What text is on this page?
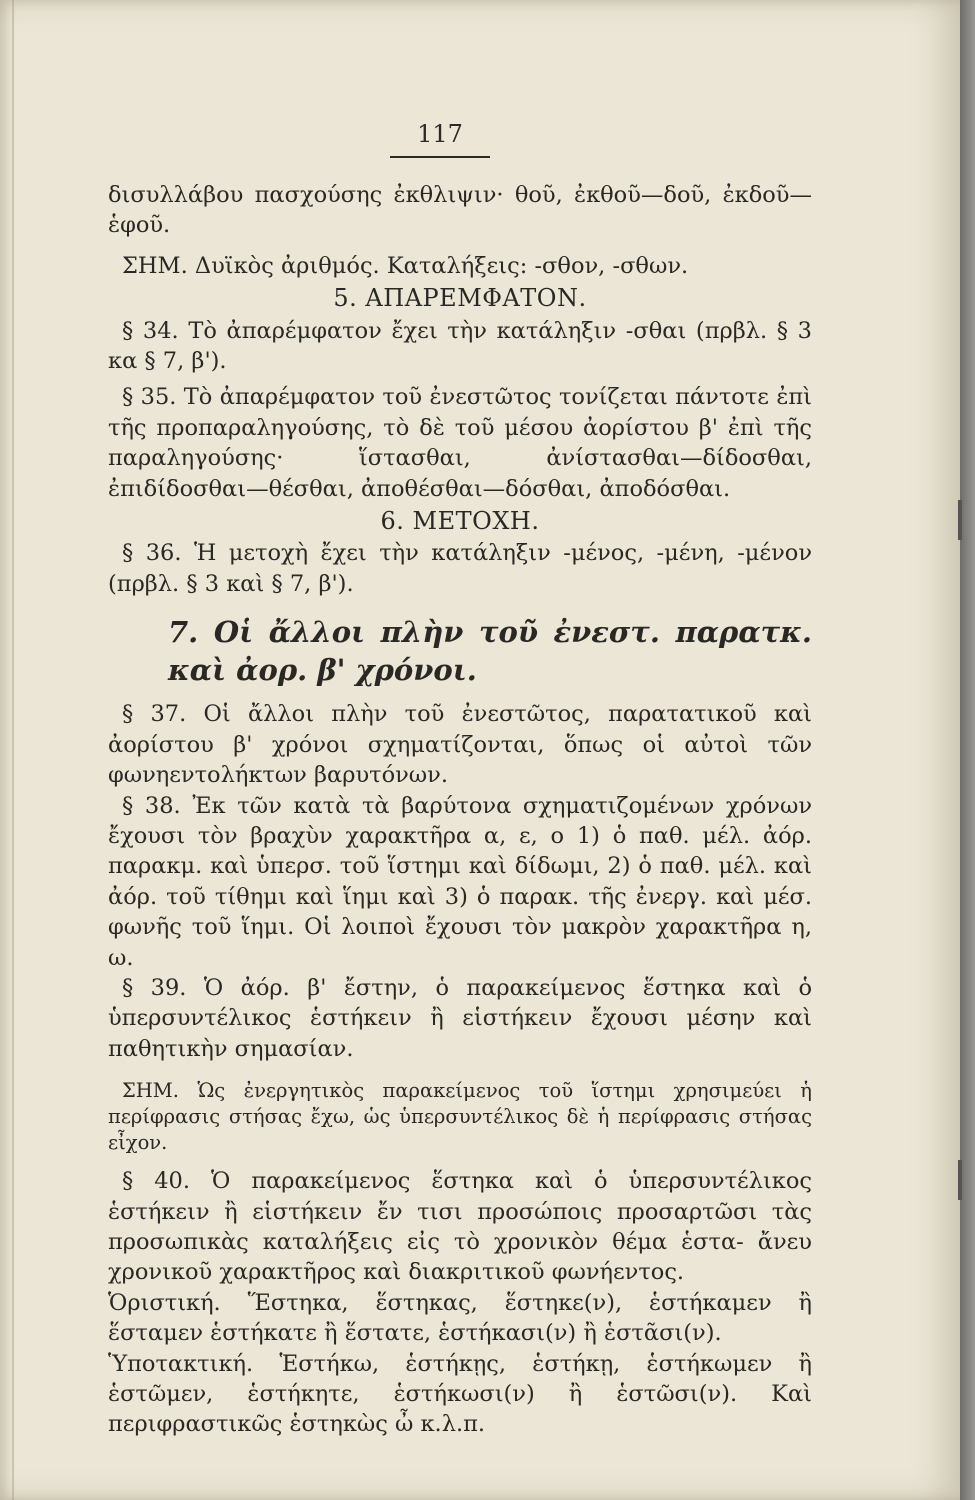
117

δισυλλάβου πασχούσης ἐκθλιψιν· θοῦ, ἐκθοῦ—δοῦ, ἐκδοῦ—ἑφοῦ.

ΣΗΜ. Δυϊκὸς ἀριθμός. Καταλήξεις: -σθον, -σθων.

5. ΑΠΑΡΕΜΦΑΤΟΝ.

§ 34. Τὸ ἀπαρέμφατον ἔχει τὴν κατάληξιν -σθαι (πρβλ. § 3 κα § 7, β').

§ 35. Τὸ ἀπαρέμφατον τοῦ ἐνεστῶτος τονίζεται πάντοτε ἐπὶ τῆς προπαραληγούσης, τὸ δὲ τοῦ μέσου ἀορίστου β' ἐπὶ τῆς παραληγούσης· ἵστασθαι, ἀνίστασθαι—δίδοσθαι, ἐπιδίδοσθαι—θέσθαι, ἀποθέσθαι—δόσθαι, ἀποδόσθαι.

6. ΜΕΤΟΧΗ.

§ 36. Ἡ μετοχὴ ἔχει τὴν κατάληξιν -μένος, -μένη, -μένον (πρβλ. § 3 καὶ § 7, β').

7. Οἱ ἄλλοι πλὴν τοῦ ἐνεστ. παρατκ. καὶ ἀορ. β' χρόνοι.

§ 37. Οἱ ἄλλοι πλὴν τοῦ ἐνεστῶτος, παρατατικοῦ καὶ ἀορίστου β' χρόνοι σχηματίζονται, ὅπως οἱ αὐτοὶ τῶν φωνηεντολήκτων βαρυτόνων.

§ 38. Ἐκ τῶν κατὰ τὰ βαρύτονα σχηματιζομένων χρόνων ἔχουσι τὸν βραχὺν χαρακτῆρα α, ε, ο 1) ὁ παθ. μέλ. ἀόρ. παρακμ. καὶ ὑπερσ. τοῦ ἵστημι καὶ δίδωμι, 2) ὁ παθ. μέλ. καὶ ἀόρ. τοῦ τίθημι καὶ ἵημι καὶ 3) ὁ παρακ. τῆς ἐνεργ. καὶ μέσ. φωνῆς τοῦ ἵημι. Οἱ λοιποὶ ἔχουσι τὸν μακρὸν χαρακτῆρα η, ω.

§ 39. Ὁ ἀόρ. β' ἔστην, ὁ παρακείμενος ἕστηκα καὶ ὁ ὑπερσυντέλικος ἑστήκειν ἢ εἱστήκειν ἔχουσι μέσην καὶ παθητικὴν σημασίαν.

ΣΗΜ. Ὡς ἐνεργητικὸς παρακείμενος τοῦ ἵστημι χρησιμεύει ἡ περίφρασις στήσας ἔχω, ὡς ὑπερσυντέλικος δὲ ἡ περίφρασις στήσας εἶχον.

§ 40. Ὁ παρακείμενος ἕστηκα καὶ ὁ ὑπερσυντέλικος ἑστήκειν ἢ εἱστήκειν ἔν τισι προσώποις προσαρτῶσι τὰς προσωπικὰς καταλήξεις εἰς τὸ χρονικὸν θέμα ἑστα- ἄνευ χρονικοῦ χαρακτῆρος καὶ διακριτικοῦ φωνήεντος.

Ὁριστική. Ἕστηκα, ἕστηκας, ἕστηκε(ν), ἑστήκαμεν ἢ ἕσταμεν ἑστήκατε ἢ ἕστατε, ἑστήκασι(ν) ἢ ἑστᾶσι(ν).

Ὑποτακτική. Ἑστήκω, ἑστήκῃς, ἑστήκῃ, ἑστήκωμεν ἢ ἑστῶμεν, ἑστήκητε, ἑστήκωσι(ν) ἢ ἑστῶσι(ν). Καὶ περιφραστικῶς ἑστηκὼς ὦ κ.λ.π.
